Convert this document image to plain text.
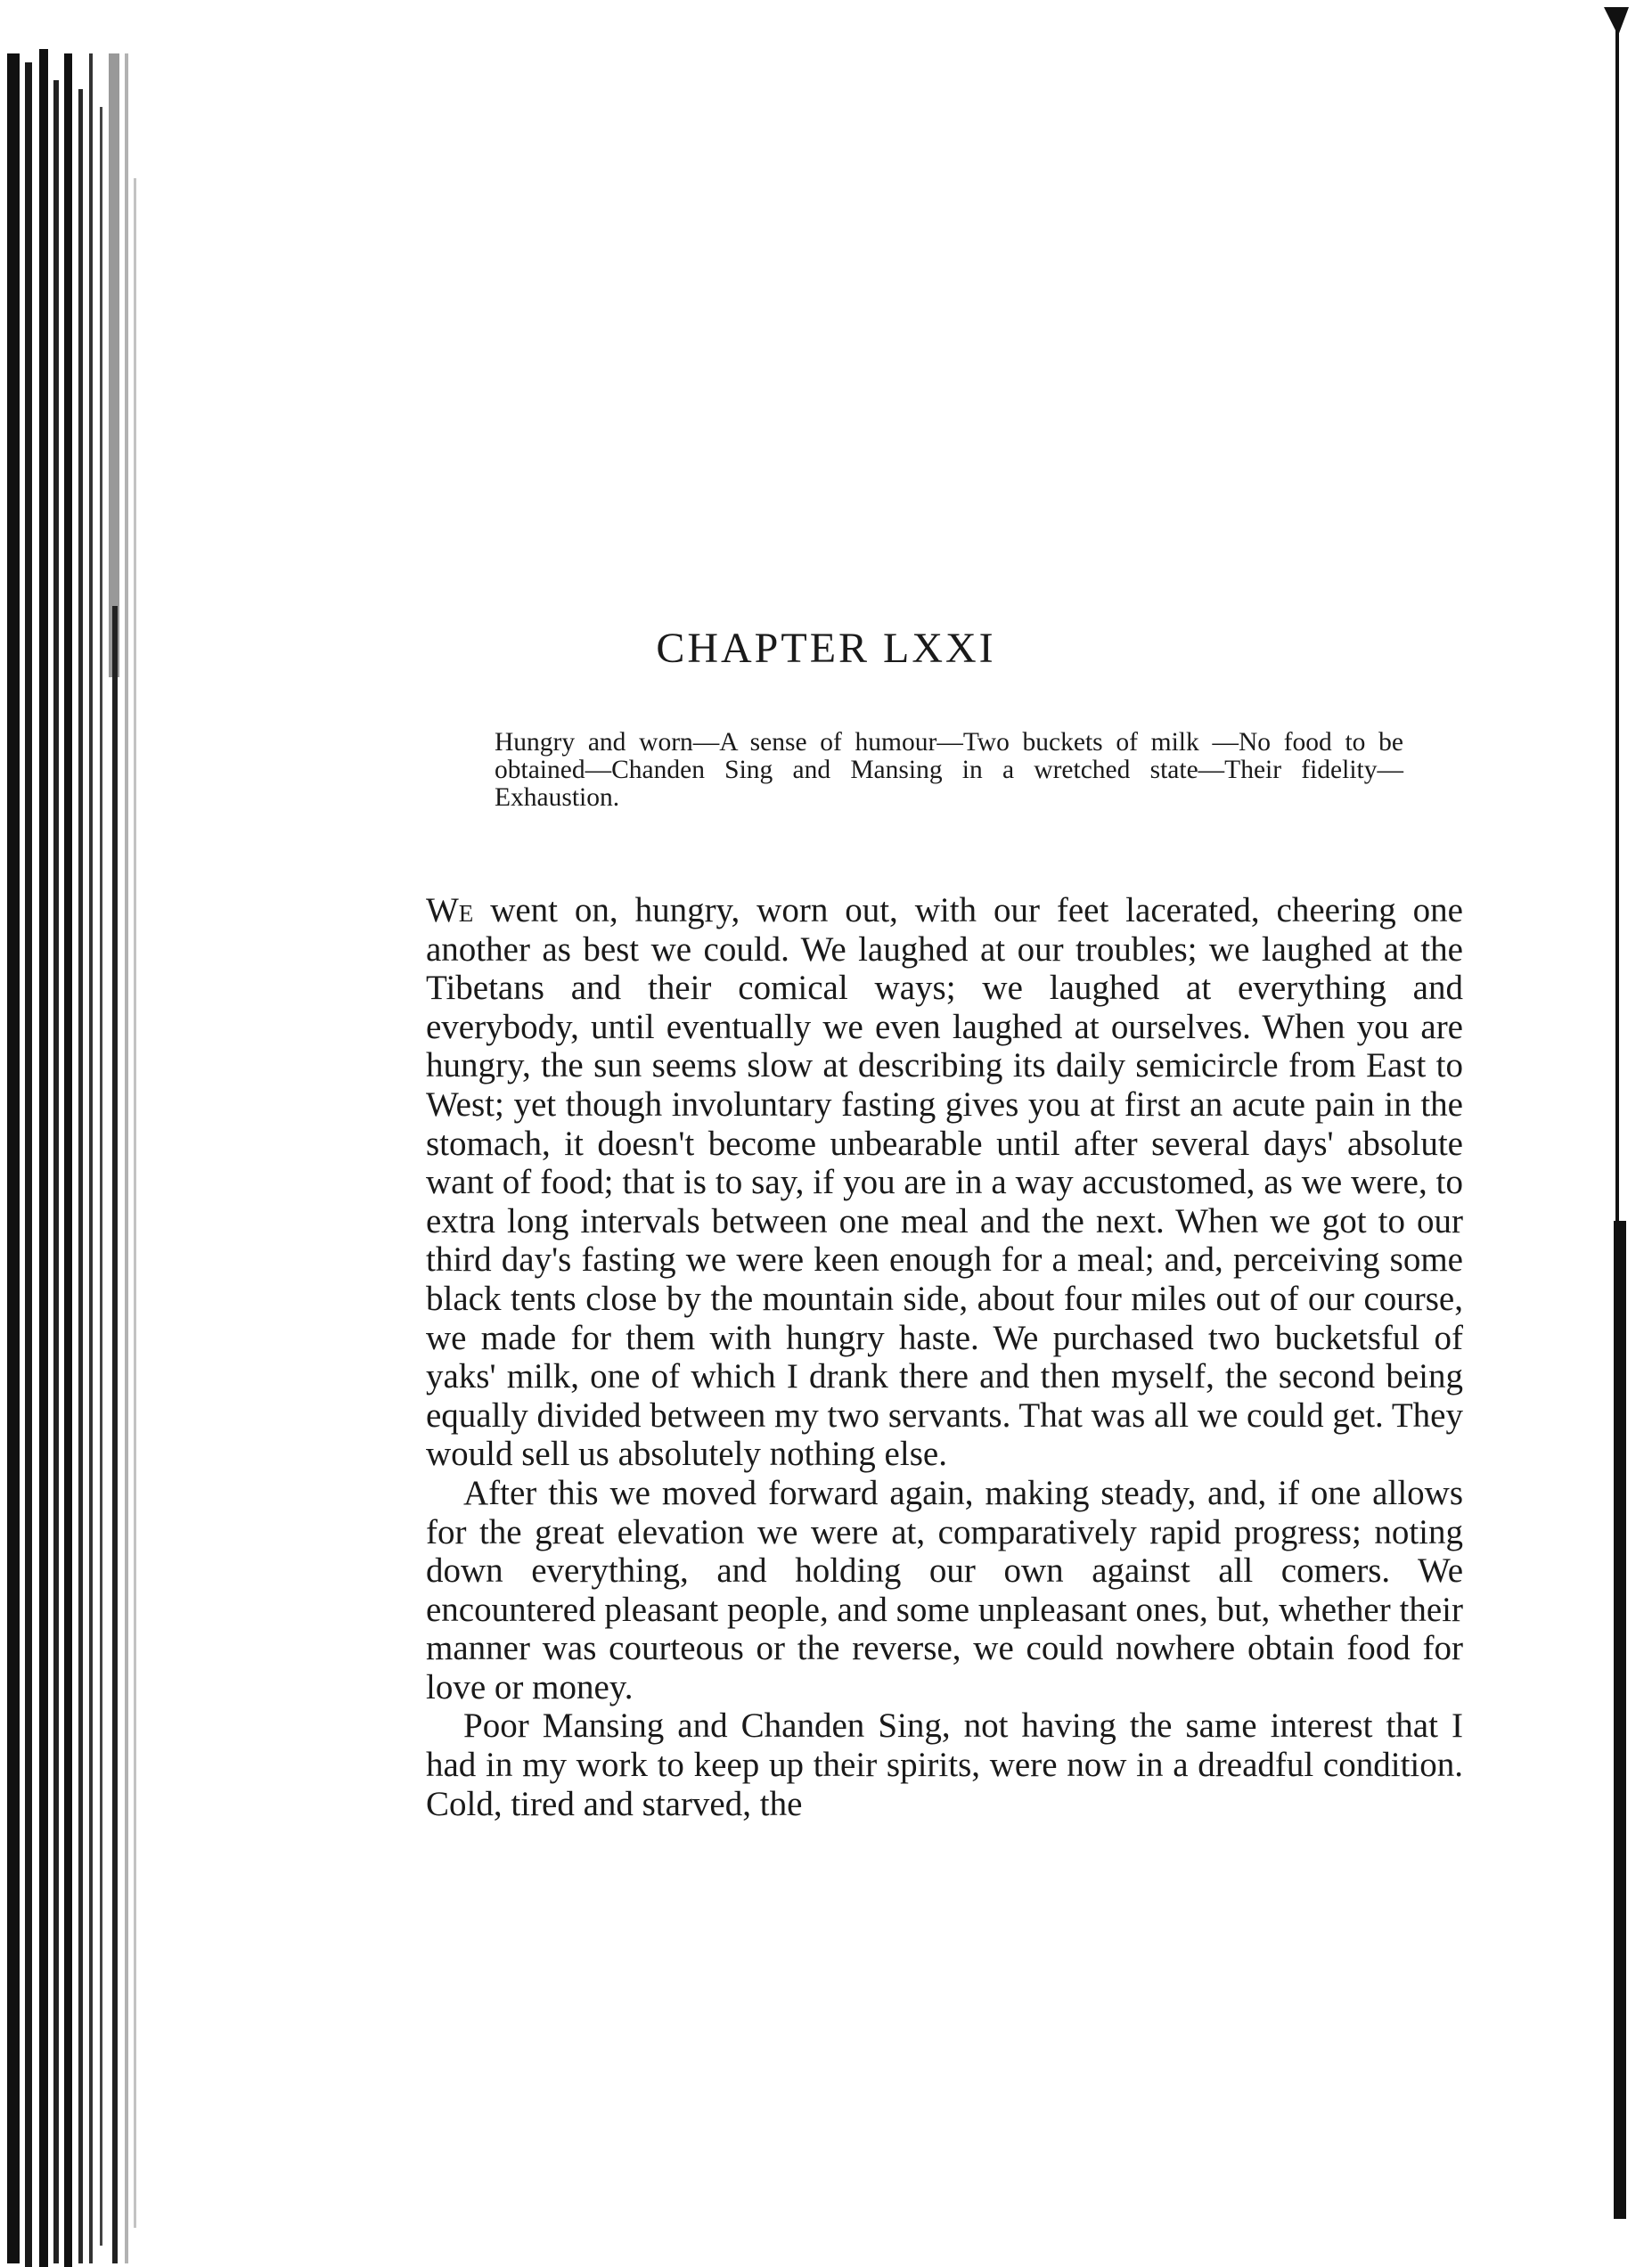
CHAPTER LXXI

Hungry and worn—A sense of humour—Two buckets of milk —No food to be obtained—Chanden Sing and Mansing in a wretched state—Their fidelity—Exhaustion.

We went on, hungry, worn out, with our feet lacerated, cheering one another as best we could. We laughed at our troubles; we laughed at the Tibetans and their comical ways; we laughed at everything and everybody, until eventually we even laughed at ourselves. When you are hungry, the sun seems slow at describing its daily semicircle from East to West; yet though involuntary fasting gives you at first an acute pain in the stomach, it doesn't become unbearable until after several days' absolute want of food; that is to say, if you are in a way accustomed, as we were, to extra long intervals between one meal and the next. When we got to our third day's fasting we were keen enough for a meal; and, perceiving some black tents close by the mountain side, about four miles out of our course, we made for them with hungry haste. We purchased two bucketsful of yaks' milk, one of which I drank there and then myself, the second being equally divided between my two servants. That was all we could get. They would sell us absolutely nothing else.

After this we moved forward again, making steady, and, if one allows for the great elevation we were at, comparatively rapid progress; noting down everything, and holding our own against all comers. We encountered pleasant people, and some unpleasant ones, but, whether their manner was courteous or the reverse, we could nowhere obtain food for love or money.

Poor Mansing and Chanden Sing, not having the same interest that I had in my work to keep up their spirits, were now in a dreadful condition. Cold, tired and starved, the
